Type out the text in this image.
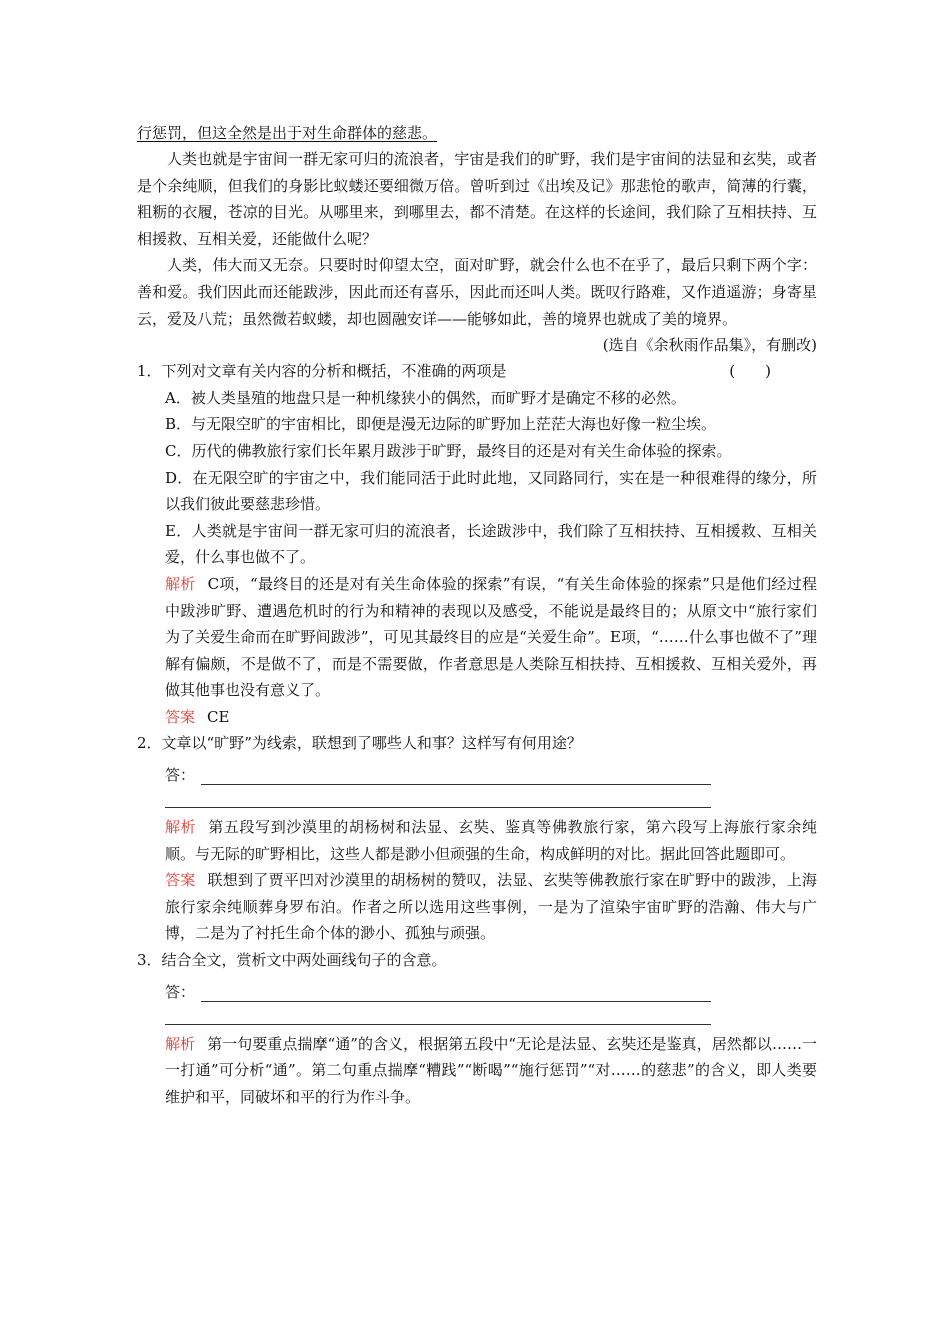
行惩罚，但这全然是出于对生命群体的慈悲。

人类也就是宇宙间一群无家可归的流浪者，宇宙是我们的旷野，我们是宇宙间的法显和玄奘，或者是个余纯顺，但我们的身影比蚁蝼还要细微万倍。曾听到过《出埃及记》那悲怆的歌声，简薄的行囊，粗粝的衣履，苍凉的目光。从哪里来，到哪里去，都不清楚。在这样的长途间，我们除了互相扶持、互相援救、互相关爱，还能做什么呢？

人类，伟大而又无奈。只要时时仰望太空，面对旷野，就会什么也不在乎了，最后只剩下两个字：善和爱。我们因此而还能跋涉，因此而还有喜乐，因此而还叫人类。既叹行路难，又作逍遥游；身寄星云，爱及八荒；虽然微若蚁蝼，却也圆融安详——能够如此，善的境界也就成了美的境界。

(选自《余秋雨作品集》，有删改)

1．下列对文章有关内容的分析和概括，不准确的两项是	(　　)

A．被人类垦殖的地盘只是一种机缘狭小的偶然，而旷野才是确定不移的必然。

B．与无限空旷的宇宙相比，即便是漫无边际的旷野加上茫茫大海也好像一粒尘埃。

C．历代的佛教旅行家们长年累月跋涉于旷野，最终目的还是对有关生命体验的探索。

D．在无限空旷的宇宙之中，我们能同活于此时此地，又同路同行，实在是一种很难得的缘分，所以我们彼此要慈悲珍惜。

E．人类就是宇宙间一群无家可归的流浪者，长途跋涉中，我们除了互相扶持、互相援救、互相关爱，什么事也做不了。

解析 C项，“最终目的还是对有关生命体验的探索”有误，“有关生命体验的探索”只是他们经过程中跋涉旷野、遭遇危机时的行为和精神的表现以及感受，不能说是最终目的；从原文中“旅行家们为了关爱生命而在旷野间跋涉”，可见其最终目的应是“关爱生命”。E项，“……什么事也做不了”理解有偏颇，不是做不了，而是不需要做，作者意思是人类除互相扶持、互相援救、互相关爱外，再做其他事也没有意义了。

答案 CE

2．文章以“旷野”为线索，联想到了哪些人和事？这样写有何用途？

答：

解析 第五段写到沙漠里的胡杨树和法显、玄奘、鉴真等佛教旅行家，第六段写上海旅行家余纯顺。与无际的旷野相比，这些人都是渺小但顽强的生命，构成鲜明的对比。据此回答此题即可。

答案 联想到了贾平凹对沙漠里的胡杨树的赞叹，法显、玄奘等佛教旅行家在旷野中的跋涉，上海旅行家余纯顺葬身罗布泊。作者之所以选用这些事例，一是为了渲染宇宙旷野的浩瀚、伟大与广博，二是为了衬托生命个体的渺小、孤独与顽强。

3．结合全文，赏析文中两处画线句子的含意。

答：

解析 第一句要重点揣摩“通”的含义，根据第五段中“无论是法显、玄奘还是鉴真，居然都以……一一打通”可分析“通”。第二句重点揣摩“糟践”“断喝”“施行惩罚”“对……的慈悲”的含义，即人类要维护和平，同破坏和平的行为作斗争。
